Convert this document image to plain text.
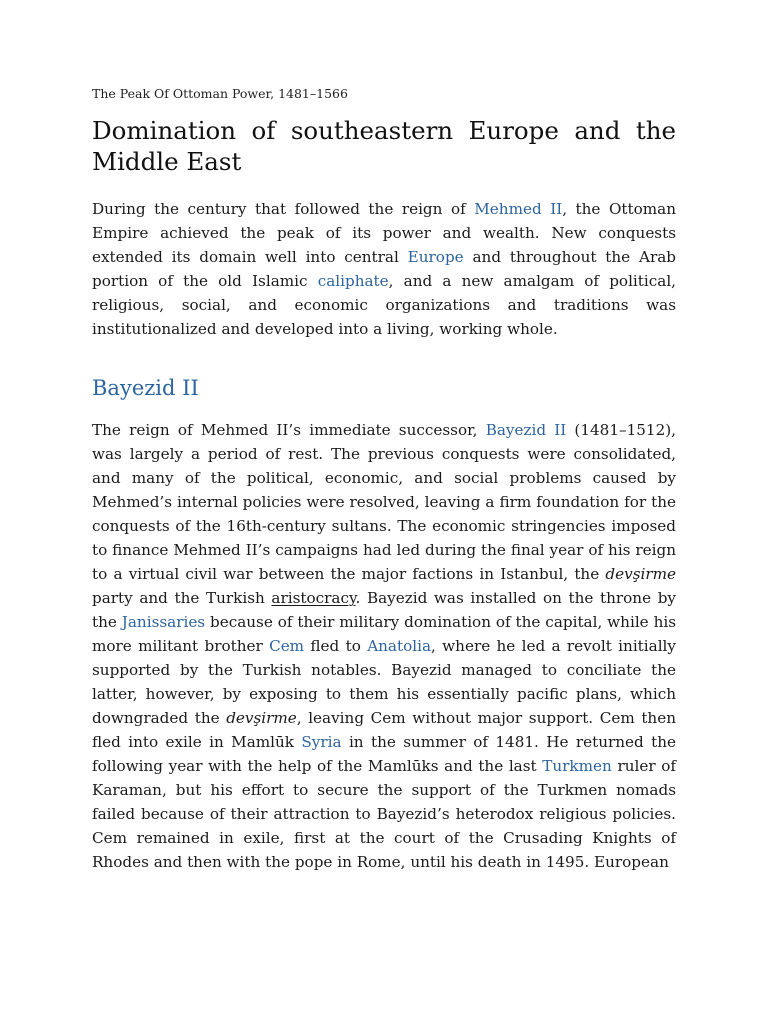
The Peak Of Ottoman Power, 1481–1566
Domination of southeastern Europe and the Middle East

During the century that followed the reign of Mehmed II, the Ottoman Empire achieved the peak of its power and wealth. New conquests extended its domain well into central Europe and throughout the Arab portion of the old Islamic caliphate, and a new amalgam of political, religious, social, and economic organizations and traditions was institutionalized and developed into a living, working whole.

Bayezid II

The reign of Mehmed II’s immediate successor, Bayezid II (1481–1512), was largely a period of rest. The previous conquests were consolidated, and many of the political, economic, and social problems caused by Mehmed’s internal policies were resolved, leaving a firm foundation for the conquests of the 16th-century sultans. The economic stringencies imposed to finance Mehmed II’s campaigns had led during the final year of his reign to a virtual civil war between the major factions in Istanbul, the devşirme party and the Turkish aristocracy. Bayezid was installed on the throne by the Janissaries because of their military domination of the capital, while his more militant brother Cem fled to Anatolia, where he led a revolt initially supported by the Turkish notables. Bayezid managed to conciliate the latter, however, by exposing to them his essentially pacific plans, which downgraded the devşirme, leaving Cem without major support. Cem then fled into exile in Mamlūk Syria in the summer of 1481. He returned the following year with the help of the Mamlūks and the last Turkmen ruler of Karaman, but his effort to secure the support of the Turkmen nomads failed because of their attraction to Bayezid’s heterodox religious policies. Cem remained in exile, first at the court of the Crusading Knights of Rhodes and then with the pope in Rome, until his death in 1495. European
